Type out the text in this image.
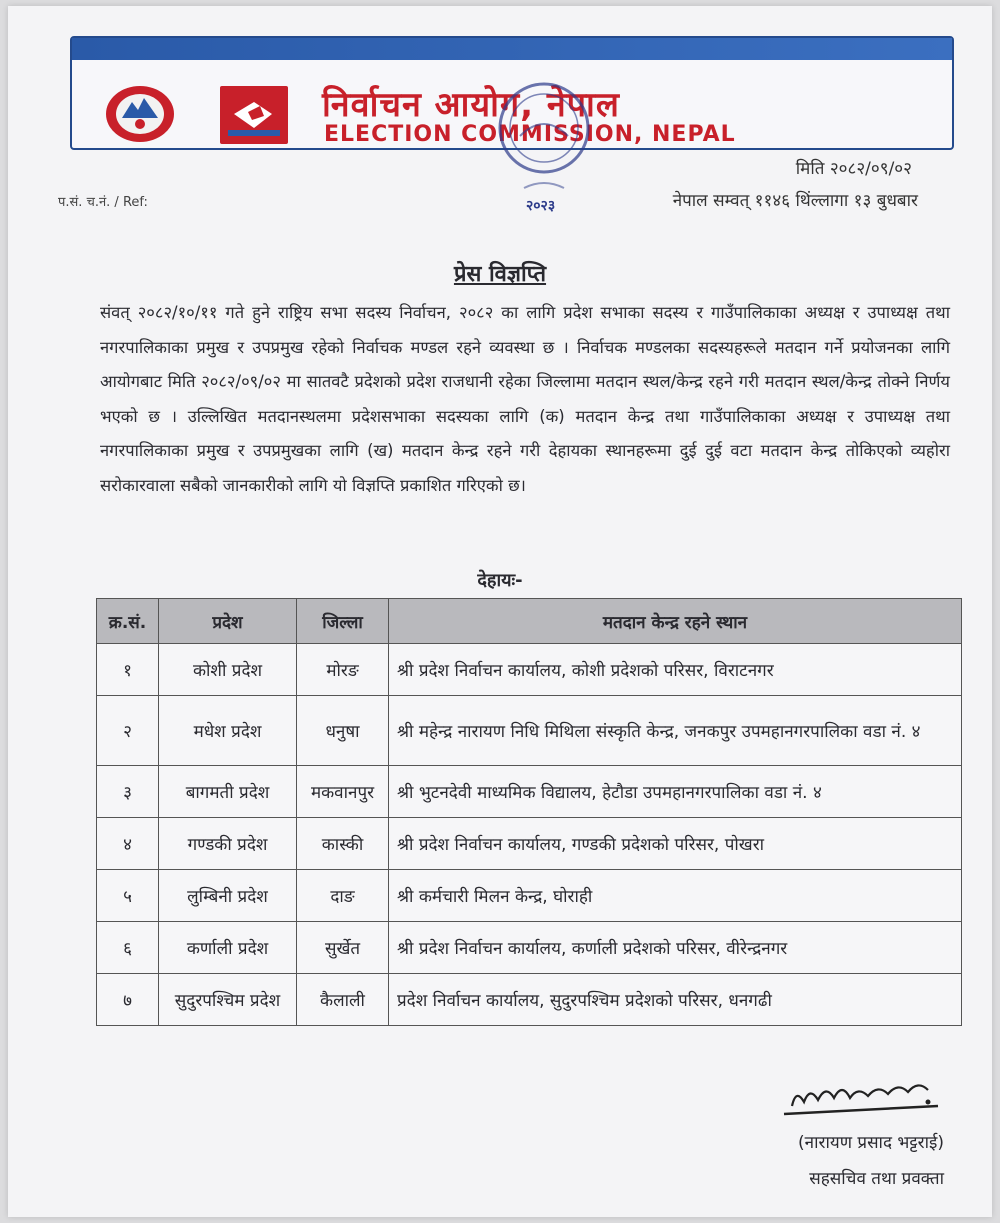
निर्वाचन आयोग, नेपाल
ELECTION COMMISSION, NEPAL
२०२३
प.सं. च.नं. / Ref:
मिति २०८२/०९/०२
नेपाल सम्वत् ११४६ थिंल्लागा १३ बुधबार
प्रेस विज्ञप्ति
संवत् २०८२/१०/११ गते हुने राष्ट्रिय सभा सदस्य निर्वाचन, २०८२ का लागि प्रदेश सभाका सदस्य र गाउँपालिकाका अध्यक्ष र उपाध्यक्ष तथा नगरपालिकाका प्रमुख र उपप्रमुख रहेको निर्वाचक मण्डल रहने व्यवस्था छ । निर्वाचक मण्डलका सदस्यहरूले मतदान गर्ने प्रयोजनका लागि आयोगबाट मिति २०८२/०९/०२ मा सातवटै प्रदेशको प्रदेश राजधानी रहेका जिल्लामा मतदान स्थल/केन्द्र रहने गरी मतदान स्थल/केन्द्र तोक्ने निर्णय भएको छ । उल्लिखित मतदानस्थलमा प्रदेशसभाका सदस्यका लागि (क) मतदान केन्द्र तथा गाउँपालिकाका अध्यक्ष र उपाध्यक्ष तथा नगरपालिकाका प्रमुख र उपप्रमुखका लागि (ख) मतदान केन्द्र रहने गरी देहायका स्थानहरूमा दुई दुई वटा मतदान केन्द्र तोकिएको व्यहोरा सरोकारवाला सबैको जानकारीको लागि यो विज्ञप्ति प्रकाशित गरिएको छ।
देहायः-
क्र.सं.	प्रदेश	जिल्ला	मतदान केन्द्र रहने स्थान
१	कोशी प्रदेश	मोरङ	श्री प्रदेश निर्वाचन कार्यालय, कोशी प्रदेशको परिसर, विराटनगर
२	मधेश प्रदेश	धनुषा	श्री महेन्द्र नारायण निधि मिथिला संस्कृति केन्द्र, जनकपुर उपमहानगरपालिका वडा नं. ४
३	बागमती प्रदेश	मकवानपुर	श्री भुटनदेवी माध्यमिक विद्यालय, हेटौडा उपमहानगरपालिका वडा नं. ४
४	गण्डकी प्रदेश	कास्की	श्री प्रदेश निर्वाचन कार्यालय, गण्डकी प्रदेशको परिसर, पोखरा
५	लुम्बिनी प्रदेश	दाङ	श्री कर्मचारी मिलन केन्द्र, घोराही
६	कर्णाली प्रदेश	सुर्खेत	श्री प्रदेश निर्वाचन कार्यालय, कर्णाली प्रदेशको परिसर, वीरेन्द्रनगर
७	सुदुरपश्चिम प्रदेश	कैलाली	प्रदेश निर्वाचन कार्यालय, सुदुरपश्चिम प्रदेशको परिसर, धनगढी
(नारायण प्रसाद भट्टराई)
सहसचिव तथा प्रवक्ता
